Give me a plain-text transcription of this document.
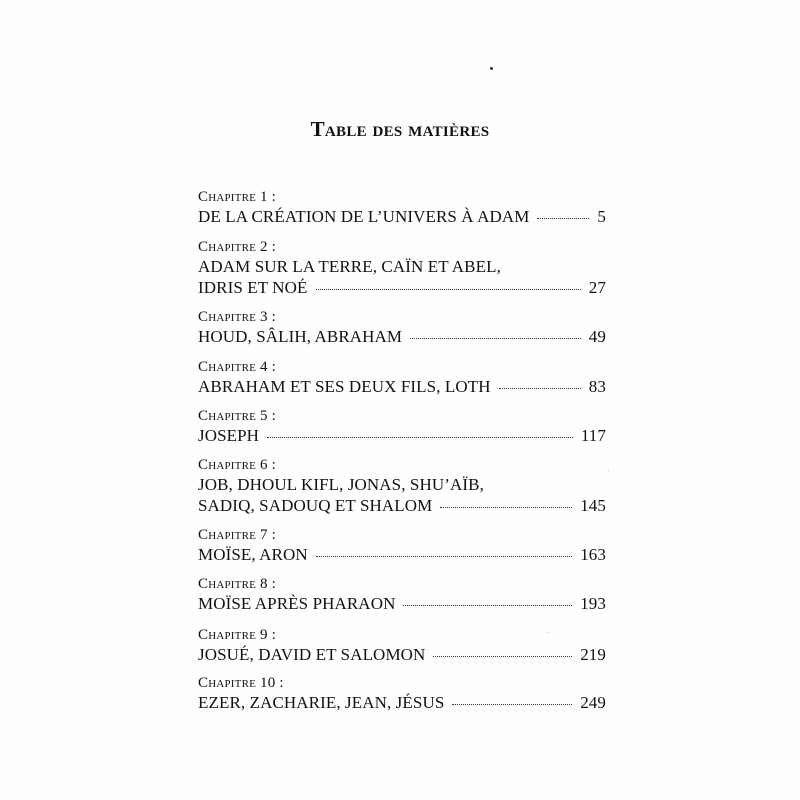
Table des matières
Chapitre 1 :
DE LA CRÉATION DE L’UNIVERS À ADAM	5
Chapitre 2 :
ADAM SUR LA TERRE, CAÏN ET ABEL,
IDRIS ET NOÉ	27
Chapitre 3 :
HOUD, SÂLIH, ABRAHAM	49
Chapitre 4 :
ABRAHAM ET SES DEUX FILS, LOTH	83
Chapitre 5 :
JOSEPH	117
Chapitre 6 :
JOB, DHOUL KIFL, JONAS, SHU’AÏB,
SADIQ, SADOUQ ET SHALOM	145
Chapitre 7 :
MOÏSE, ARON	163
Chapitre 8 :
MOÏSE APRÈS PHARAON	193
Chapitre 9 :
JOSUÉ, DAVID ET SALOMON	219
Chapitre 10 :
EZER, ZACHARIE, JEAN, JÉSUS	249
